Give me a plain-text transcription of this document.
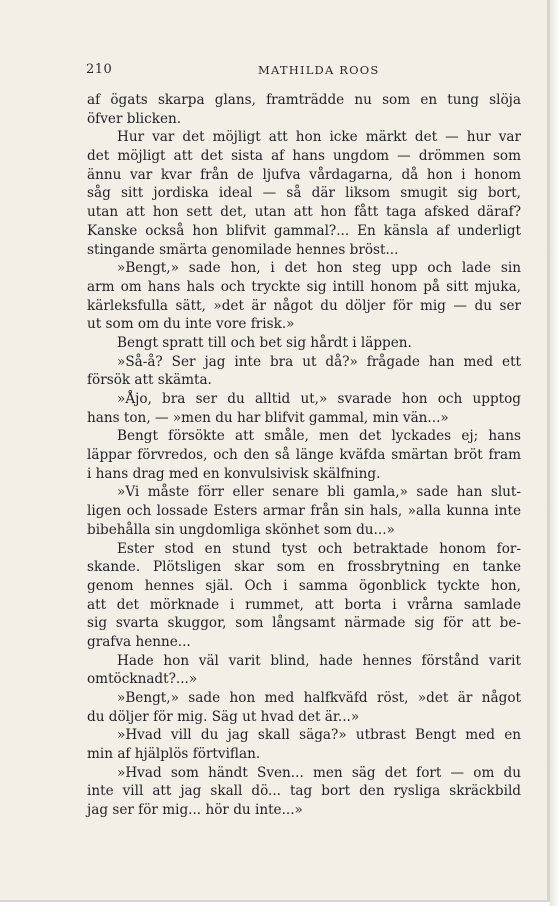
210	MATHILDA ROOS
af ögats skarpa glans, framträdde nu som en tung slöja
öfver blicken.
Hur var det möjligt att hon icke märkt det — hur var
det möjligt att det sista af hans ungdom — drömmen som
ännu var kvar från de ljufva vårdagarna, då hon i honom
såg sitt jordiska ideal — så där liksom smugit sig bort,
utan att hon sett det, utan att hon fått taga afsked däraf?
Kanske också hon blifvit gammal?... En känsla af underligt
stingande smärta genomilade hennes bröst...
»Bengt,» sade hon, i det hon steg upp och lade sin
arm om hans hals och tryckte sig intill honom på sitt mjuka,
kärleksfulla sätt, »det är något du döljer för mig — du ser
ut som om du inte vore frisk.»
Bengt spratt till och bet sig hårdt i läppen.
»Så-å? Ser jag inte bra ut då?» frågade han med ett
försök att skämta.
»Åjo, bra ser du alltid ut,» svarade hon och upptog
hans ton, — »men du har blifvit gammal, min vän...»
Bengt försökte att småle, men det lyckades ej; hans
läppar förvredos, och den så länge kväfda smärtan bröt fram
i hans drag med en konvulsivisk skälfning.
»Vi måste förr eller senare bli gamla,» sade han slut-
ligen och lossade Esters armar från sin hals, »alla kunna inte
bibehålla sin ungdomliga skönhet som du...»
Ester stod en stund tyst och betraktade honom for-
skande. Plötsligen skar som en frossbrytning en tanke
genom hennes själ. Och i samma ögonblick tyckte hon,
att det mörknade i rummet, att borta i vrårna samlade
sig svarta skuggor, som långsamt närmade sig för att be-
grafva henne...
Hade hon väl varit blind, hade hennes förstånd varit
omtöcknadt?...»
»Bengt,» sade hon med halfkväfd röst, »det är något
du döljer för mig. Säg ut hvad det är...»
»Hvad vill du jag skall säga?» utbrast Bengt med en
min af hjälplös förtviflan.
»Hvad som händt Sven... men säg det fort — om du
inte vill att jag skall dö... tag bort den rysliga skräckbild
jag ser för mig... hör du inte...»
